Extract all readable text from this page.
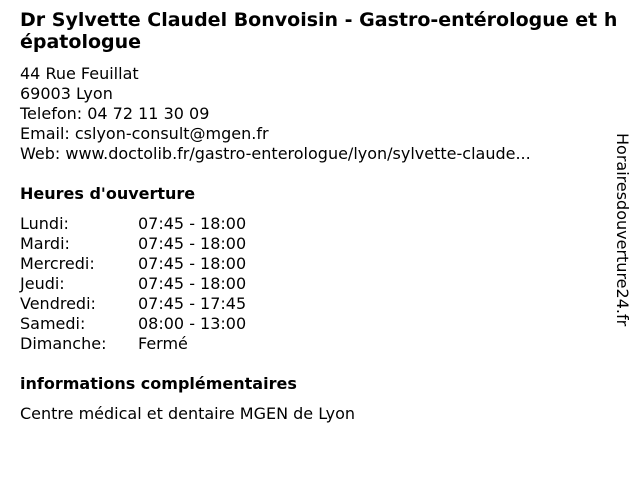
Dr Sylvette Claudel Bonvoisin - Gastro-entérologue et hépatologue
44 Rue Feuillat
69003 Lyon
Telefon: 04 72 11 30 09
Email: cslyon-consult@mgen.fr
Web: www.doctolib.fr/gastro-enterologue/lyon/sylvette-claude...
Heures d'ouverture
Lundi:	07:45 - 18:00
Mardi:	07:45 - 18:00
Mercredi:	07:45 - 18:00
Jeudi:	07:45 - 18:00
Vendredi:	07:45 - 17:45
Samedi:	08:00 - 13:00
Dimanche: Fermé
informations complémentaires
Centre médical et dentaire MGEN de Lyon
Horairesdouverture24.fr
